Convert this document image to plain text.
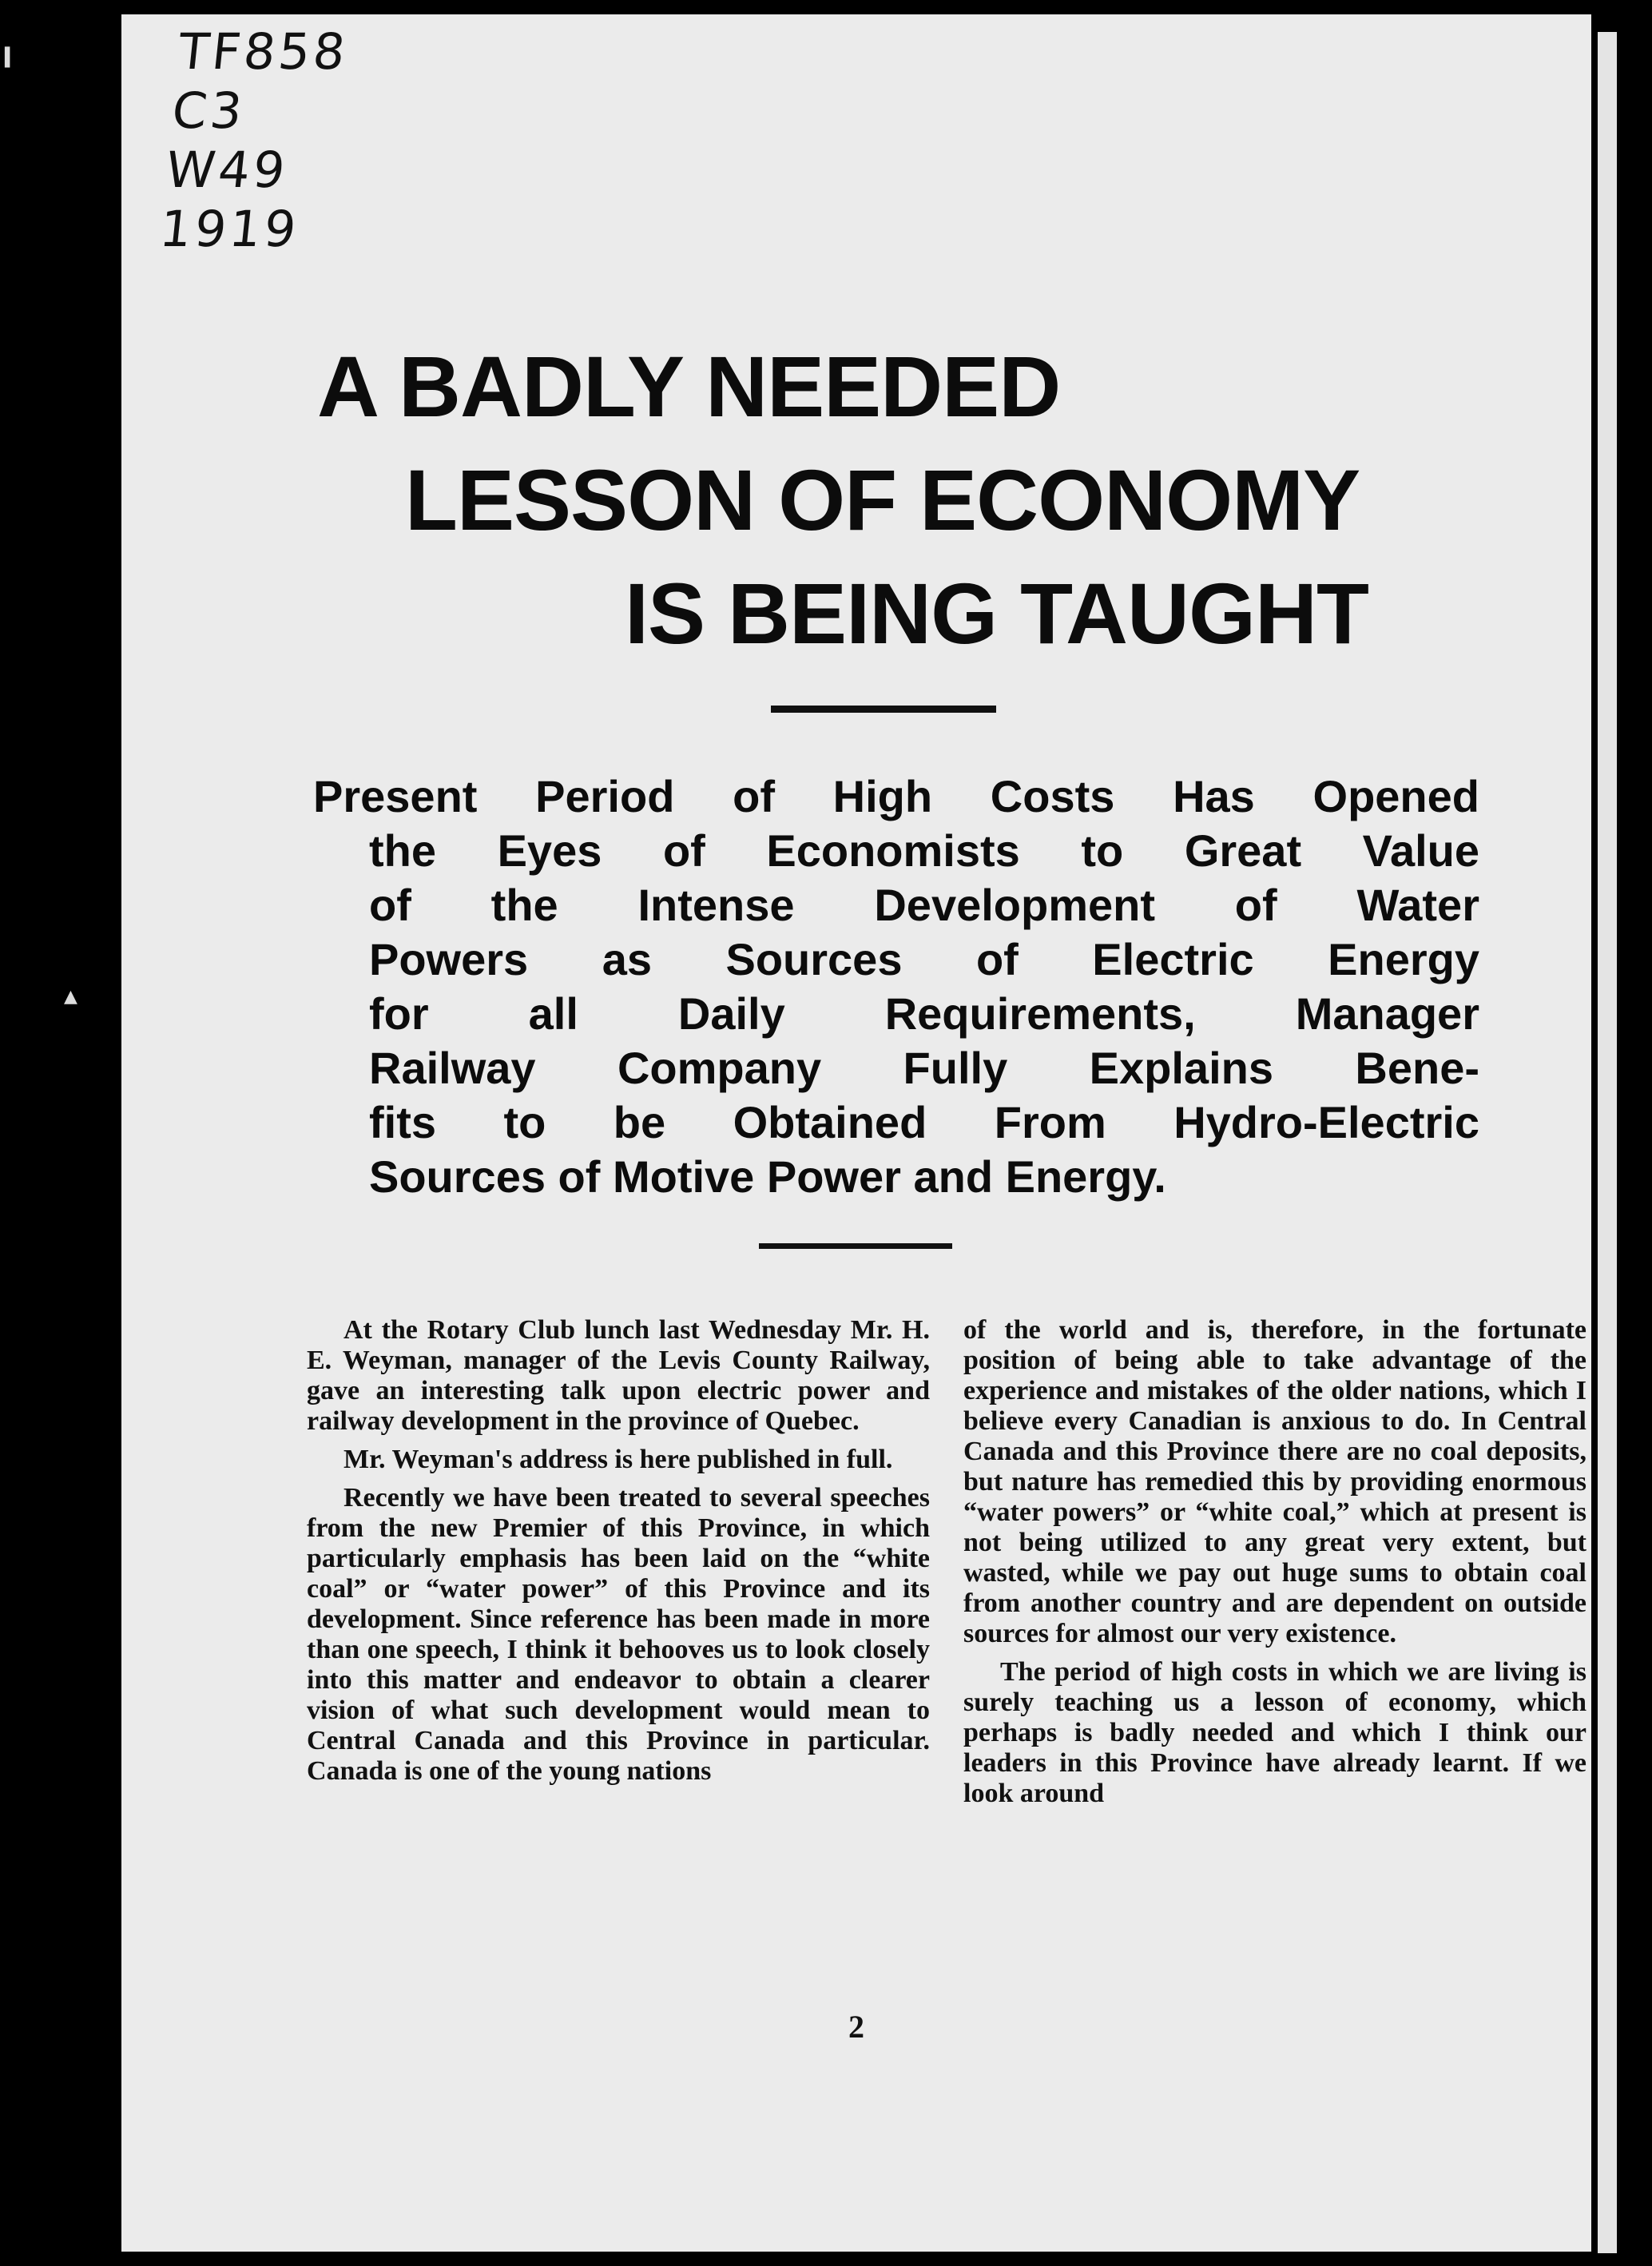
▍
▲
TF858
C3
W49
1919
A BADLY NEEDED
LESSON OF ECONOMY
IS BEING TAUGHT
Present Period of High Costs Has Opened
the Eyes of Economists to Great Value
of the Intense Development of Water
Powers as Sources of Electric Energy
for all Daily Requirements, Manager
Railway Company Fully Explains Bene-
fits to be Obtained From Hydro-Electric
Sources of Motive Power and Energy.

At the Rotary Club lunch last Wednesday Mr. H. E. Weyman, manager of the Levis County Railway, gave an interesting talk upon electric power and railway development in the province of Quebec.

Mr. Weyman's address is here published in full.

Recently we have been treated to several speeches from the new Premier of this Province, in which particularly emphasis has been laid on the “white coal” or “water power” of this Province and its development. Since reference has been made in more than one speech, I think it behooves us to look closely into this matter and endeavor to obtain a clearer vision of what such development would mean to Central Canada and this Province in particular. Canada is one of the young nations

of the world and is, therefore, in the fortunate position of being able to take advantage of the experience and mistakes of the older nations, which I believe every Canadian is anxious to do. In Central Canada and this Province there are no coal deposits, but nature has remedied this by providing enormous “water powers” or “white coal,” which at present is not being utilized to any great very extent, but wasted, while we pay out huge sums to obtain coal from another country and are dependent on outside sources for almost our very existence.

The period of high costs in which we are living is surely teaching us a lesson of economy, which perhaps is badly needed and which I think our leaders in this Province have already learnt. If we look around

2
